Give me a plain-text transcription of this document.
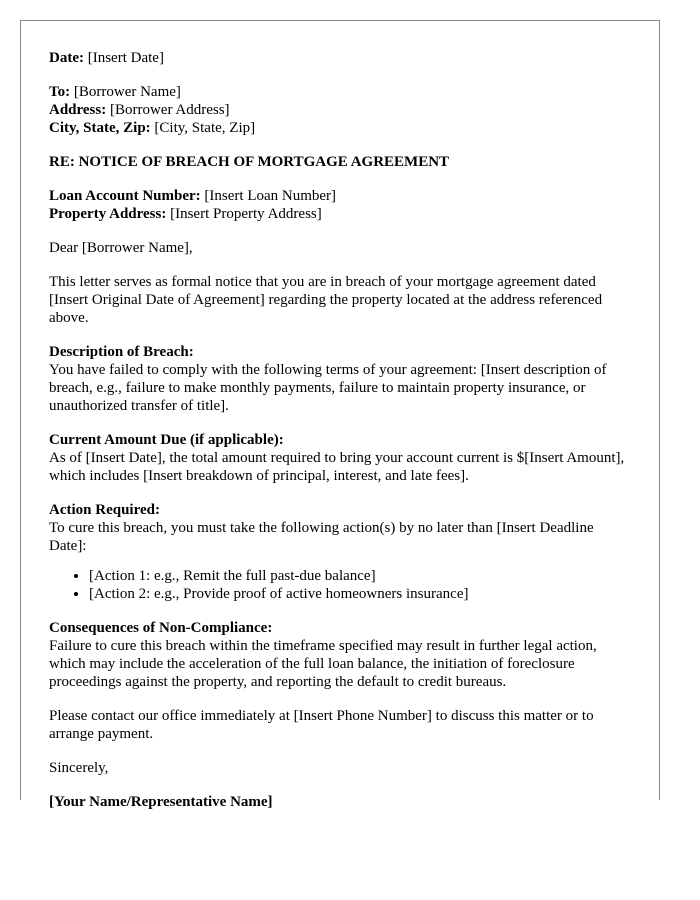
Date: [Insert Date]
To: [Borrower Name]
Address: [Borrower Address]
City, State, Zip: [City, State, Zip]
RE: NOTICE OF BREACH OF MORTGAGE AGREEMENT
Loan Account Number: [Insert Loan Number]
Property Address: [Insert Property Address]
Dear [Borrower Name],
This letter serves as formal notice that you are in breach of your mortgage agreement dated [Insert Original Date of Agreement] regarding the property located at the address referenced above.
Description of Breach:
You have failed to comply with the following terms of your agreement: [Insert description of breach, e.g., failure to make monthly payments, failure to maintain property insurance, or unauthorized transfer of title].
Current Amount Due (if applicable):
As of [Insert Date], the total amount required to bring your account current is $[Insert Amount], which includes [Insert breakdown of principal, interest, and late fees].
Action Required:
To cure this breach, you must take the following action(s) by no later than [Insert Deadline Date]:
• [Action 1: e.g., Remit the full past-due balance]
• [Action 2: e.g., Provide proof of active homeowners insurance]
Consequences of Non-Compliance:
Failure to cure this breach within the timeframe specified may result in further legal action, which may include the acceleration of the full loan balance, the initiation of foreclosure proceedings against the property, and reporting the default to credit bureaus.
Please contact our office immediately at [Insert Phone Number] to discuss this matter or to arrange payment.
Sincerely,
[Your Name/Representative Name]
